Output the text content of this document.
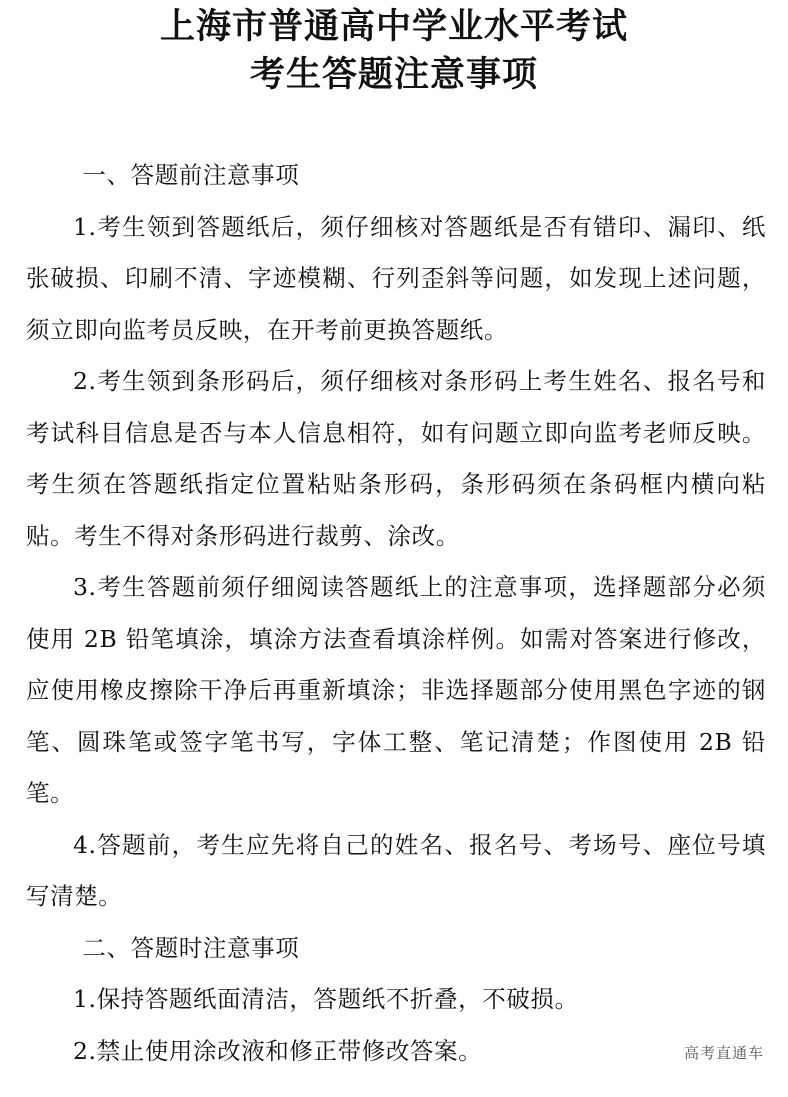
上海市普通高中学业水平考试
考生答题注意事项

一、答题前注意事项

1.考生领到答题纸后，须仔细核对答题纸是否有错印、漏印、纸张破损、印刷不清、字迹模糊、行列歪斜等问题，如发现上述问题，须立即向监考员反映，在开考前更换答题纸。

2.考生领到条形码后，须仔细核对条形码上考生姓名、报名号和考试科目信息是否与本人信息相符，如有问题立即向监考老师反映。考生须在答题纸指定位置粘贴条形码，条形码须在条码框内横向粘贴。考生不得对条形码进行裁剪、涂改。

3.考生答题前须仔细阅读答题纸上的注意事项，选择题部分必须使用 2B 铅笔填涂，填涂方法查看填涂样例。如需对答案进行修改，应使用橡皮擦除干净后再重新填涂；非选择题部分使用黑色字迹的钢笔、圆珠笔或签字笔书写，字体工整、笔记清楚；作图使用 2B 铅笔。

4.答题前，考生应先将自己的姓名、报名号、考场号、座位号填写清楚。

二、答题时注意事项

1.保持答题纸面清洁，答题纸不折叠，不破损。

2.禁止使用涂改液和修正带修改答案。	高考直通车
